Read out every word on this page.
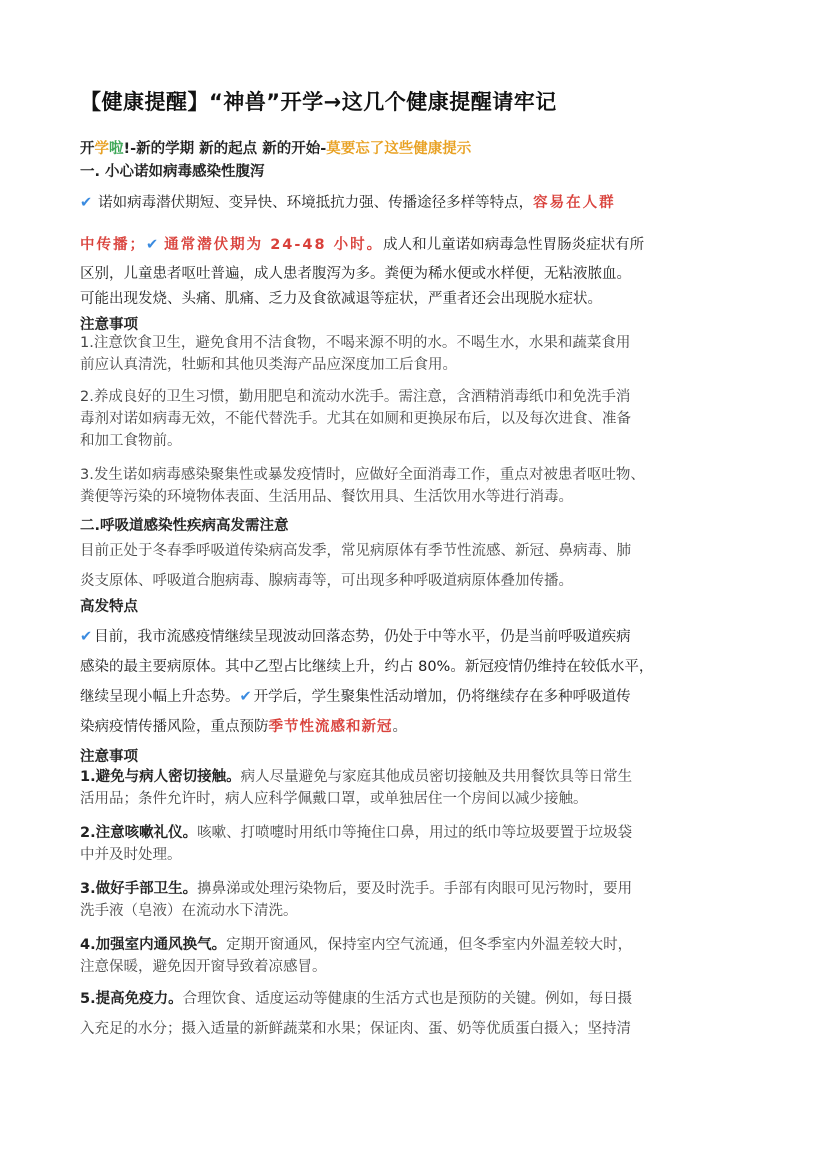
【健康提醒】“神兽”开学→这几个健康提醒请牢记
开学啦!-新的学期 新的起点 新的开始-莫要忘了这些健康提示
一. 小心诺如病毒感染性腹泻
✔ 诺如病毒潜伏期短、变异快、环境抵抗力强、传播途径多样等特点，容易在人群
中传播；✔ 通常潜伏期为 24-48 小时。成人和儿童诺如病毒急性胃肠炎症状有所
区别，儿童患者呕吐普遍，成人患者腹泻为多。粪便为稀水便或水样便，无粘液脓血。
可能出现发烧、头痛、肌痛、乏力及食欲减退等症状，严重者还会出现脱水症状。
注意事项
1.注意饮食卫生，避免食用不洁食物，不喝来源不明的水。不喝生水，水果和蔬菜食用
前应认真清洗，牡蛎和其他贝类海产品应深度加工后食用。
2.养成良好的卫生习惯，勤用肥皂和流动水洗手。需注意，含酒精消毒纸巾和免洗手消
毒剂对诺如病毒无效，不能代替洗手。尤其在如厕和更换尿布后，以及每次进食、准备
和加工食物前。
3.发生诺如病毒感染聚集性或暴发疫情时，应做好全面消毒工作，重点对被患者呕吐物、
粪便等污染的环境物体表面、生活用品、餐饮用具、生活饮用水等进行消毒。
二.呼吸道感染性疾病高发需注意
目前正处于冬春季呼吸道传染病高发季，常见病原体有季节性流感、新冠、鼻病毒、肺
炎支原体、呼吸道合胞病毒、腺病毒等，可出现多种呼吸道病原体叠加传播。
高发特点
✔ 目前，我市流感疫情继续呈现波动回落态势，仍处于中等水平，仍是当前呼吸道疾病
感染的最主要病原体。其中乙型占比继续上升，约占 80%。新冠疫情仍维持在较低水平，
继续呈现小幅上升态势。✔ 开学后，学生聚集性活动增加，仍将继续存在多种呼吸道传
染病疫情传播风险，重点预防季节性流感和新冠。
注意事项
1.避免与病人密切接触。病人尽量避免与家庭其他成员密切接触及共用餐饮具等日常生
活用品；条件允许时，病人应科学佩戴口罩，或单独居住一个房间以减少接触。
2.注意咳嗽礼仪。咳嗽、打喷嚏时用纸巾等掩住口鼻，用过的纸巾等垃圾要置于垃圾袋
中并及时处理。
3.做好手部卫生。擤鼻涕或处理污染物后，要及时洗手。手部有肉眼可见污物时，要用
洗手液（皂液）在流动水下清洗。
4.加强室内通风换气。定期开窗通风，保持室内空气流通，但冬季室内外温差较大时，
注意保暖，避免因开窗导致着凉感冒。
5.提高免疫力。合理饮食、适度运动等健康的生活方式也是预防的关键。例如，每日摄
入充足的水分；摄入适量的新鲜蔬菜和水果；保证肉、蛋、奶等优质蛋白摄入；坚持清
